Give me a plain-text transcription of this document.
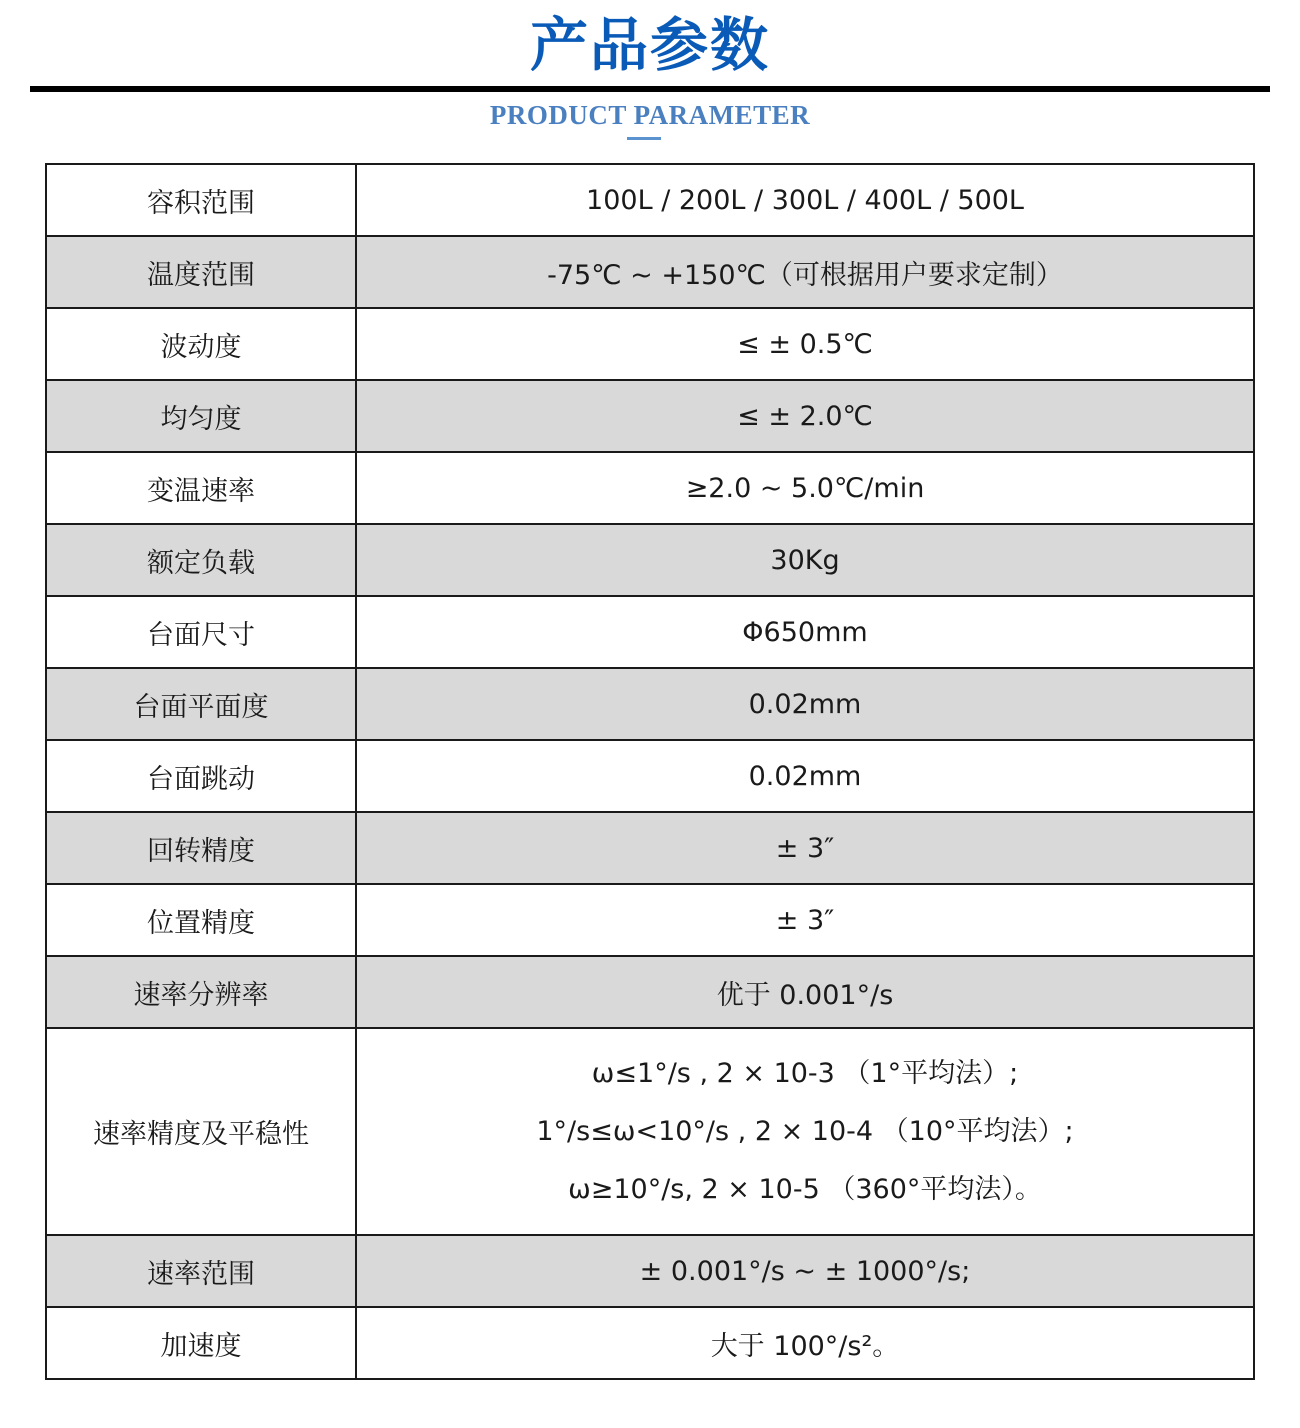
产品参数
PRODUCT PARAMETER
容积范围	100L / 200L / 300L / 400L / 500L
温度范围	-75℃ ~ +150℃（可根据用户要求定制）
波动度	≤ ± 0.5℃
均匀度	≤ ± 2.0℃
变温速率	≥2.0 ~ 5.0℃/min
额定负载	30Kg
台面尺寸	Φ650mm
台面平面度	0.02mm
台面跳动	0.02mm
回转精度	± 3″
位置精度	± 3″
速率分辨率	优于 0.001°/s
速率精度及平稳性	ω≤1°/s , 2 × 10-3 （1°平均法）;
1°/s≤ω<10°/s , 2 × 10-4 （10°平均法）;
ω≥10°/s, 2 × 10-5 （360°平均法）。

速率范围	± 0.001°/s ~ ± 1000°/s;
加速度	大于 100°/s²。
